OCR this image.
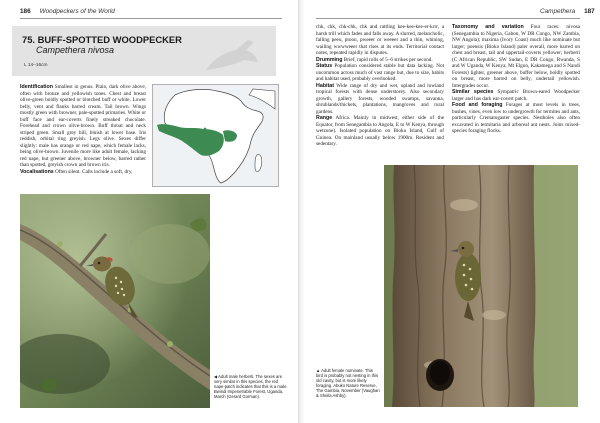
186 Woodpeckers of the World
75. BUFF-SPOTTED WOODPECKER
Campethera nivosa
L 14–16cm

Identification Smallest in genus. Plain, dark olive above, often with bronze and yellowish tones. Chest and breast olive-green boldly spotted or blotched buff or white. Lower belly, vent and flanks barred cream. Tail brown. Wings mostly green with browner, pale-spotted primaries. White or buff face and ear-coverts finely streaked chocolate. Forehead and crown olive-brown. Buff throat and neck striped green. Small grey bill, bluish at lower base. Iris reddish, orbital ring greyish. Legs olive. Sexes differ slightly: male has orange or red nape, which female lacks, being olive-brown. Juvenile more like adult female, lacking red nape, but greener above, browner below, barred rather than spotted, greyish crown and brown iris.

Vocalisations Often silent. Calls include a soft, dry,

◀ Adult male herberti. The sexes are very similar in this species, the red nape-patch indicates that this is a male. Bwindi Impenetrable Forest, Uganda, March (Gerard Gorman).
Campethera 187

chk, chk, chk-chk, chk and rattling kee-kee-kee-er-krrr, a harsh trill which fades and falls away. A slurred, melancholic, falling peeu, ptoou, pweeer or weeeer and a thin, whining, wailing wwwweeer that rises at its ends. Territorial contact notes, repeated rapidly in disputes.

Drumming Brief, rapid rolls of 5–6 strikes per second.

Status Population considered stable but data lacking. Not uncommon across much of vast range but, due to size, habits and habitat used, probably overlooked.

Habitat Wide range of dry and wet, upland and lowland tropical forests with dense understorey. Also secondary growth, gallery forests, wooded swamps, savanna, shrublands/thickets, plantations, mangroves and rural gardens.

Range Africa. Mainly in midwest, either side of the Equator, from Senegambia to Angola, E to W Kenya, through wetzone). Isolated population on Bioko Island, Gulf of Guinea. On mainland usually below 1900m. Resident and sedentary.

Taxonomy and variation Four races: nivosa (Senegambia to Nigeria, Gabon, W DR Congo, NW Zambia, NW Angola); maxima (Ivory Coast) much like nominate but larger; poensis (Bioko Island) paler overall, more barred on chest and breast, tail and uppertail-coverts yellower; herberti (C African Republic, SW Sudan, E DR Congo, Rwanda, S and W Uganda, W Kenya, Mt Elgon, Kakamega and S Nandi Forests) lighter, greener above, buffer below, boldly spotted on breast, more barred on belly, undertail yellowish. Intergrades occur.

Similar species Sympatric Brown-eared Woodpecker larger and has dark ear-covert patch.

Food and foraging Forages at most levels in trees, bushes, vines, even low to undergrowth for termites and ants, particularly Crematogaster species. Nestholes also often excavated in termitaria and arboreal ant nests. Joins mixed-species foraging flocks.

▲ Adult female nominate. This bird is probably not nesting in this old cavity, but is more likely foraging. Abuko Nature Reserve, The Gambia, November (Vaughan & Sheila Ashby).
